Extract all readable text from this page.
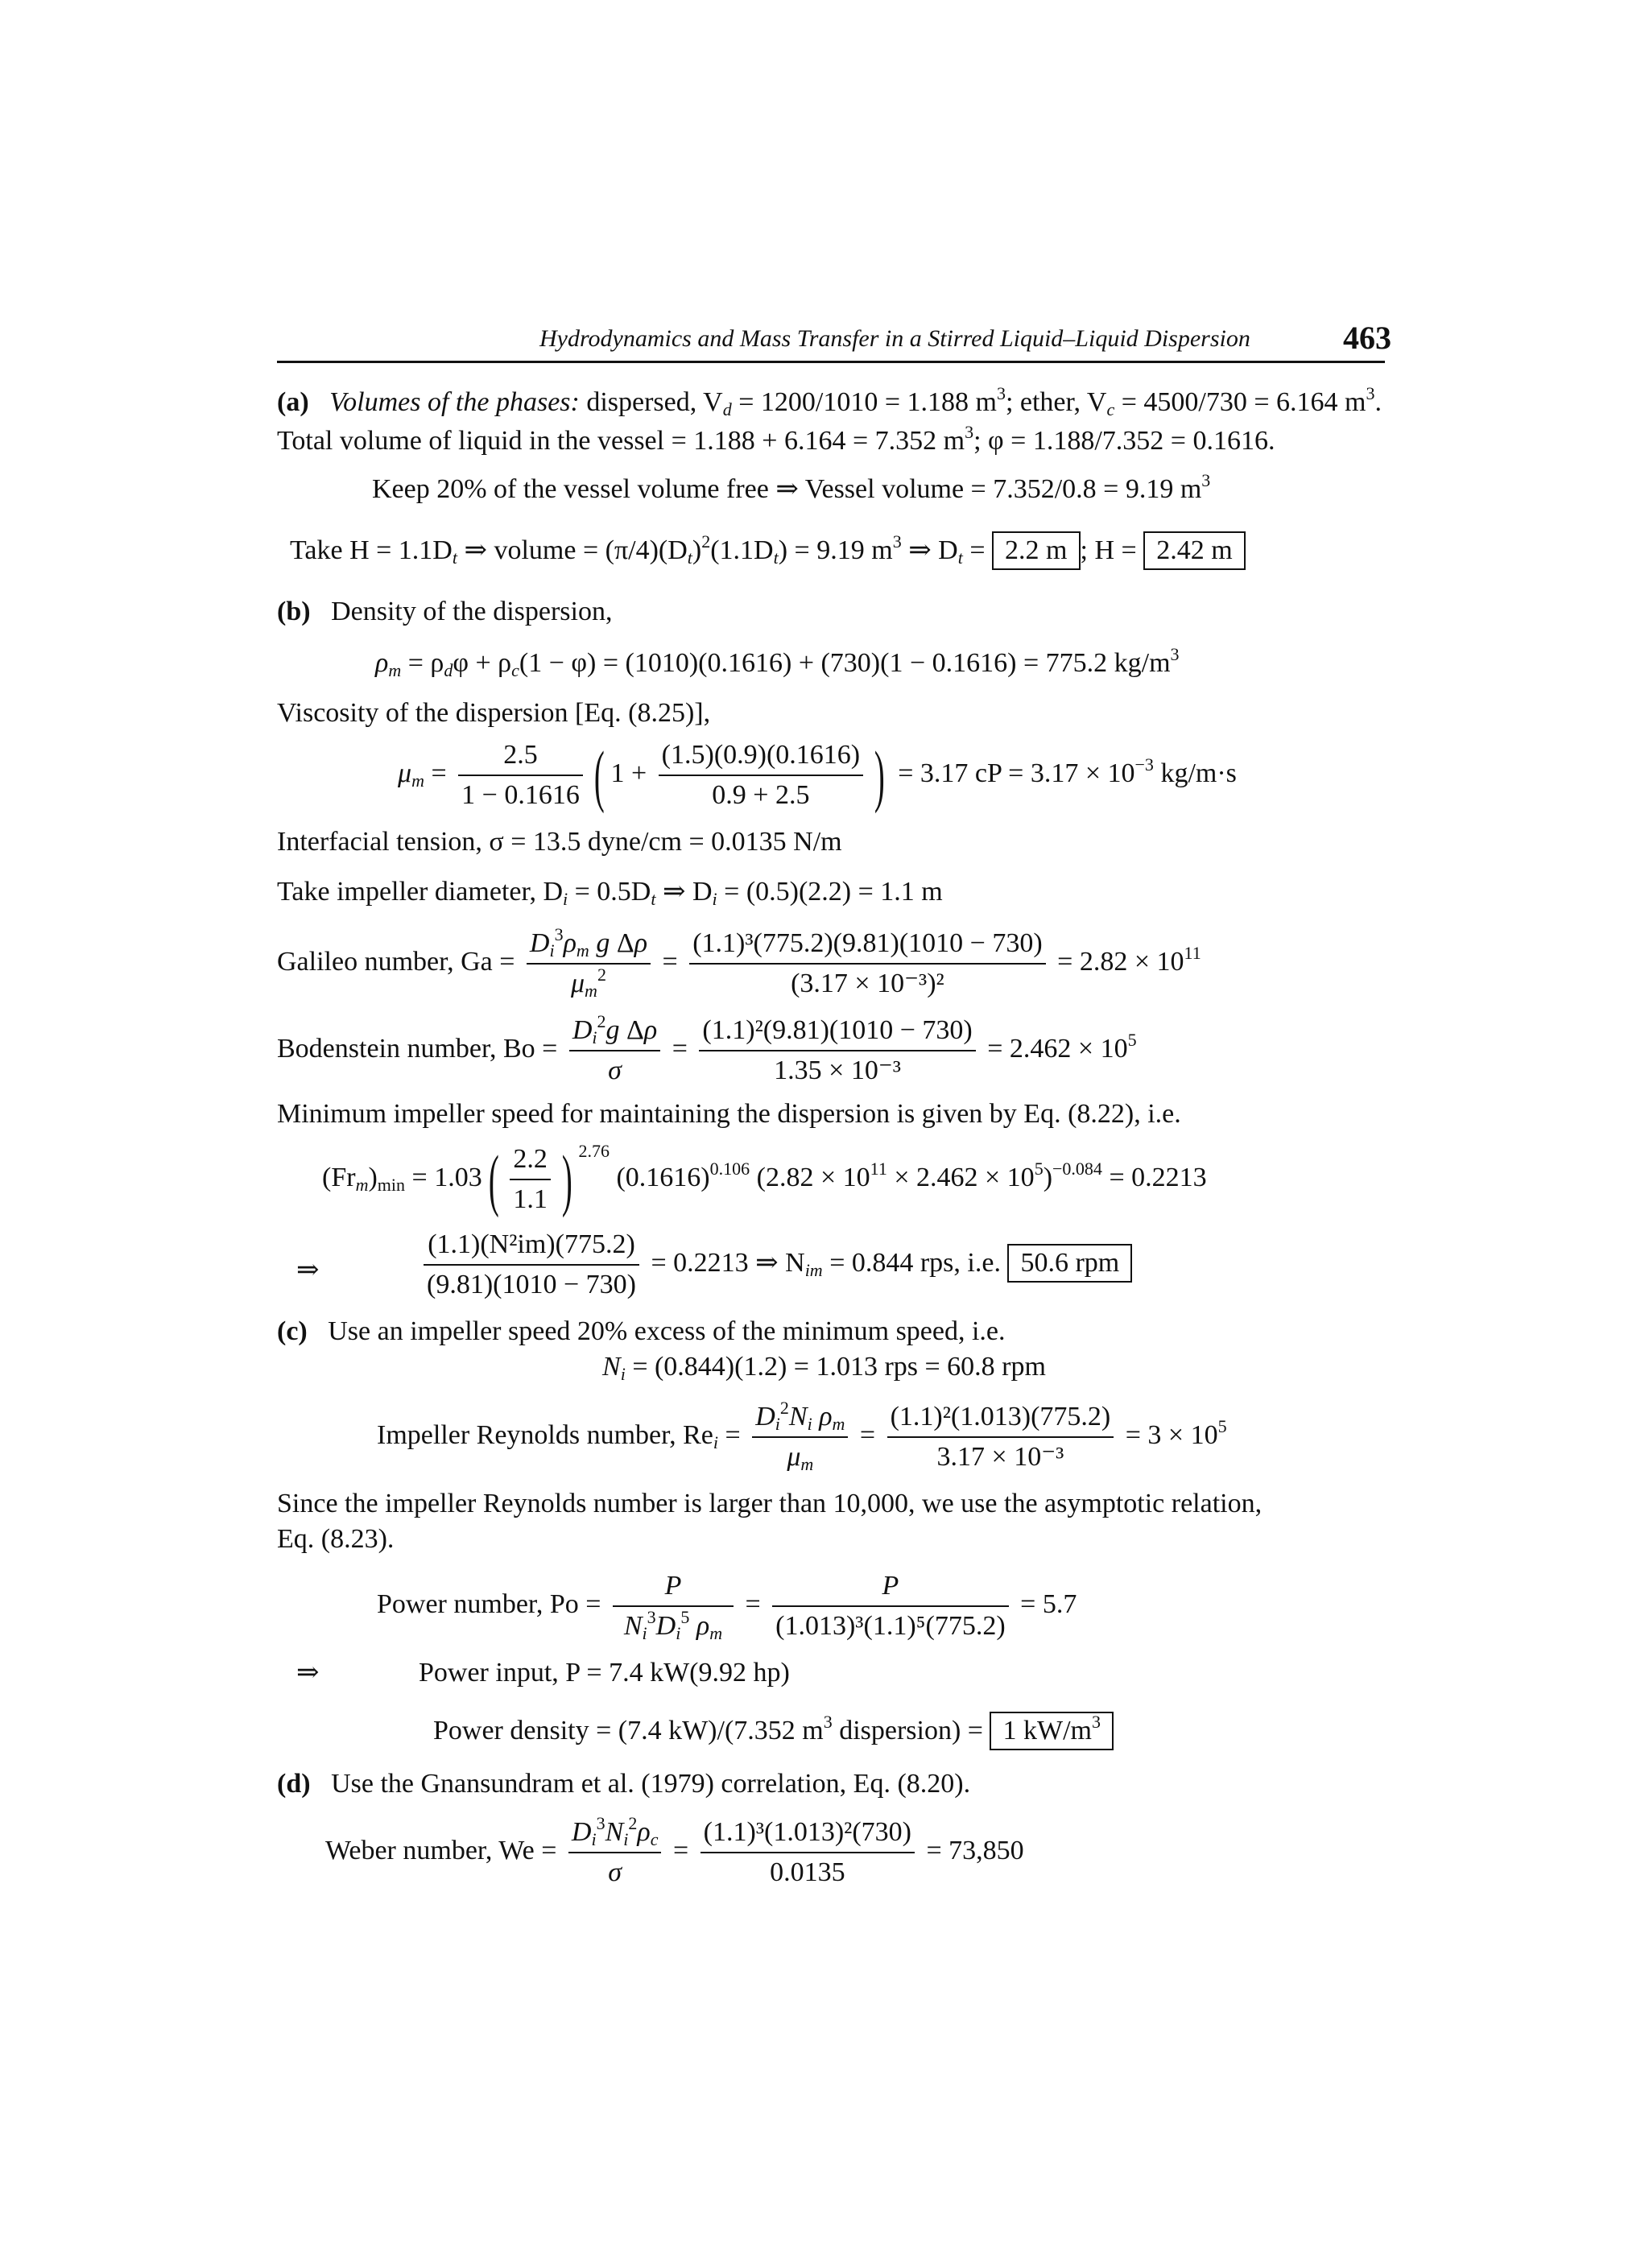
Hydrodynamics and Mass Transfer in a Stirred Liquid–Liquid Dispersion	463
(a) Volumes of the phases: dispersed, $V_d = 1200/1010 = 1.188$ $m^3$; ether, $V_c = 4500/730 = 6.164$ $m^3$.
Total volume of liquid in the vessel = 1.188 + 6.164 = 7.352 $m^3$; φ = 1.188/7.352 = 0.1616.
Keep 20% of the vessel volume free ⇒ Vessel volume = 7.352/0.8 = 9.19 $m^3$
Take $H = 1.1D_t$ ⇒ volume = $(\pi/4)(D_t)^2(1.1D_t) = 9.19$ $m^3$ ⇒ $D_t = 2.2$ m ; H = 2.42 m
(b) Density of the dispersion,
$\rho_m = \rho_d\varphi + \rho_c(1 - \varphi) = (1010)(0.1616) + (730)(1 - 0.1616) = 775.2$ $kg/m^3$
Viscosity of the dispersion [Eq. (8.25)],
$\mu_m = \frac{2.5}{1 - 0.1616}$ ( $1 + \frac{(1.5)(0.9)(0.1616)}{0.9 + 2.5}$ ) = 3.17 cP = $3.17 \times 10^{-3}$ kg/m·s
Interfacial tension, σ = 13.5 dyne/cm = 0.0135 N/m
Take impeller diameter, $D_i = 0.5D_t$ ⇒ $D_i = (0.5)(2.2) = 1.1$ m
Galileo number, $Ga = \frac{D_i^3\rho_m g \Delta\rho}{\mu_m^2} = \frac{\text{(1.1)³(775.2)(9.81)(1010 − 730)}}{\text{(3.17 × 10⁻³)²}} = 2.82 \times 10^{11}$
Bodenstein number, $Bo = \frac{D_i^2g \Delta\rho}{\sigma} = \frac{\text{(1.1)²(9.81)(1010 − 730)}}{\text{1.35 × 10⁻³}} = 2.462 \times 10^5$
Minimum impeller speed for maintaining the dispersion is given by Eq. (8.22), i.e.
$(Fr_m)_{min} = 1.03( \frac{2.2}{1.1}$ ) $^{2.76}$ $(0.1616)^{0.106}$ $(2.82 \times 10^{11} \times 2.462 \times 10^5)^{-0.084} = 0.2213$
⇒	$\frac{\text{(1.1)(N²im)(775.2)}}{(9.81)(1010 - 730)} = 0.2213$ ⇒ $N_{im} = 0.844$ rps, i.e. 50.6 rpm
(c) Use an impeller speed 20% excess of the minimum speed, i.e.
$N_i = (0.844)(1.2) = 1.013$ rps = 60.8 rpm
Impeller Reynolds number, $Re_i = \frac{D_i^2N_i \rho_m}{\mu_m} = \frac{\text{(1.1)²(1.013)(775.2)}}{\text{3.17 × 10⁻³}} = 3 \times 10^5$
Since the impeller Reynolds number is larger than 10,000, we use the asymptotic relation,
Eq. (8.23).
Power number, $Po = \frac{P}{N_i^3D_i^5 \rho_m} = \frac{P}{\text{(1.013)³(1.1)⁵(775.2)}} = 5.7$
⇒	Power input, P = 7.4 kW(9.92 hp)
Power density = (7.4 kW)/(7.352 $m^3$ dispersion) = 1 $kW/m^3$
(d) Use the Gnansundram et al. (1979) correlation, Eq. (8.20).
Weber number, $We = \frac{D_i^3N_i^2\rho_c}{\sigma} = \frac{\text{(1.1)³(1.013)²(730)}}{0.0135} = 73,850$
